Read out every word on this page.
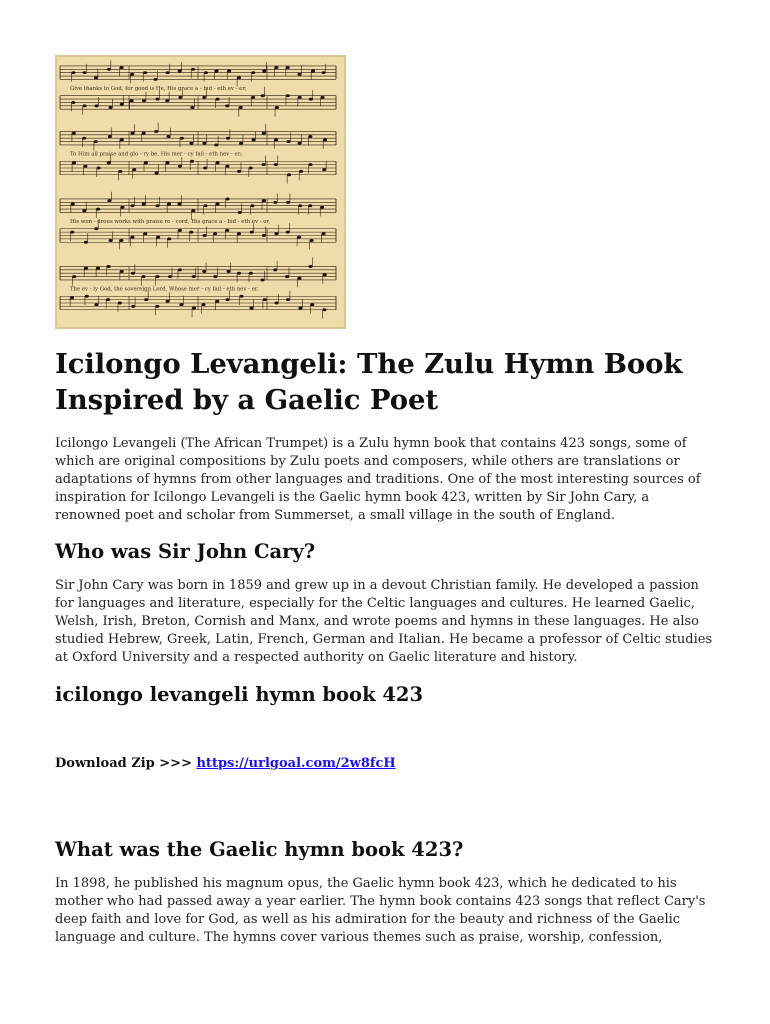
Give thanks to God, for good is He, His grace a - bid - eth ev - er;
To Him all praise and glo - ry be, His mer - cy fail - eth nev - er;
His won - drous works with praise re - cord, His grace a - bid - eth ev - er,
The ev - ly God, the sovereign Lord, Whose mer - cy fail - eth nev - er.
Icilongo Levangeli: The Zulu Hymn Book Inspired by a Gaelic Poet

Icilongo Levangeli (The African Trumpet) is a Zulu hymn book that contains 423 songs, some of which are original compositions by Zulu poets and composers, while others are translations or adaptations of hymns from other languages and traditions. One of the most interesting sources of inspiration for Icilongo Levangeli is the Gaelic hymn book 423, written by Sir John Cary, a renowned poet and scholar from Summerset, a small village in the south of England.

Who was Sir John Cary?

Sir John Cary was born in 1859 and grew up in a devout Christian family. He developed a passion for languages and literature, especially for the Celtic languages and cultures. He learned Gaelic, Welsh, Irish, Breton, Cornish and Manx, and wrote poems and hymns in these languages. He also studied Hebrew, Greek, Latin, French, German and Italian. He became a professor of Celtic studies at Oxford University and a respected authority on Gaelic literature and history.

icilongo levangeli hymn book 423
Download Zip >>> https://urlgoal.com/2w8fcH
What was the Gaelic hymn book 423?

In 1898, he published his magnum opus, the Gaelic hymn book 423, which he dedicated to his mother who had passed away a year earlier. The hymn book contains 423 songs that reflect Cary's deep faith and love for God, as well as his admiration for the beauty and richness of the Gaelic language and culture. The hymns cover various themes such as praise, worship, confession,
